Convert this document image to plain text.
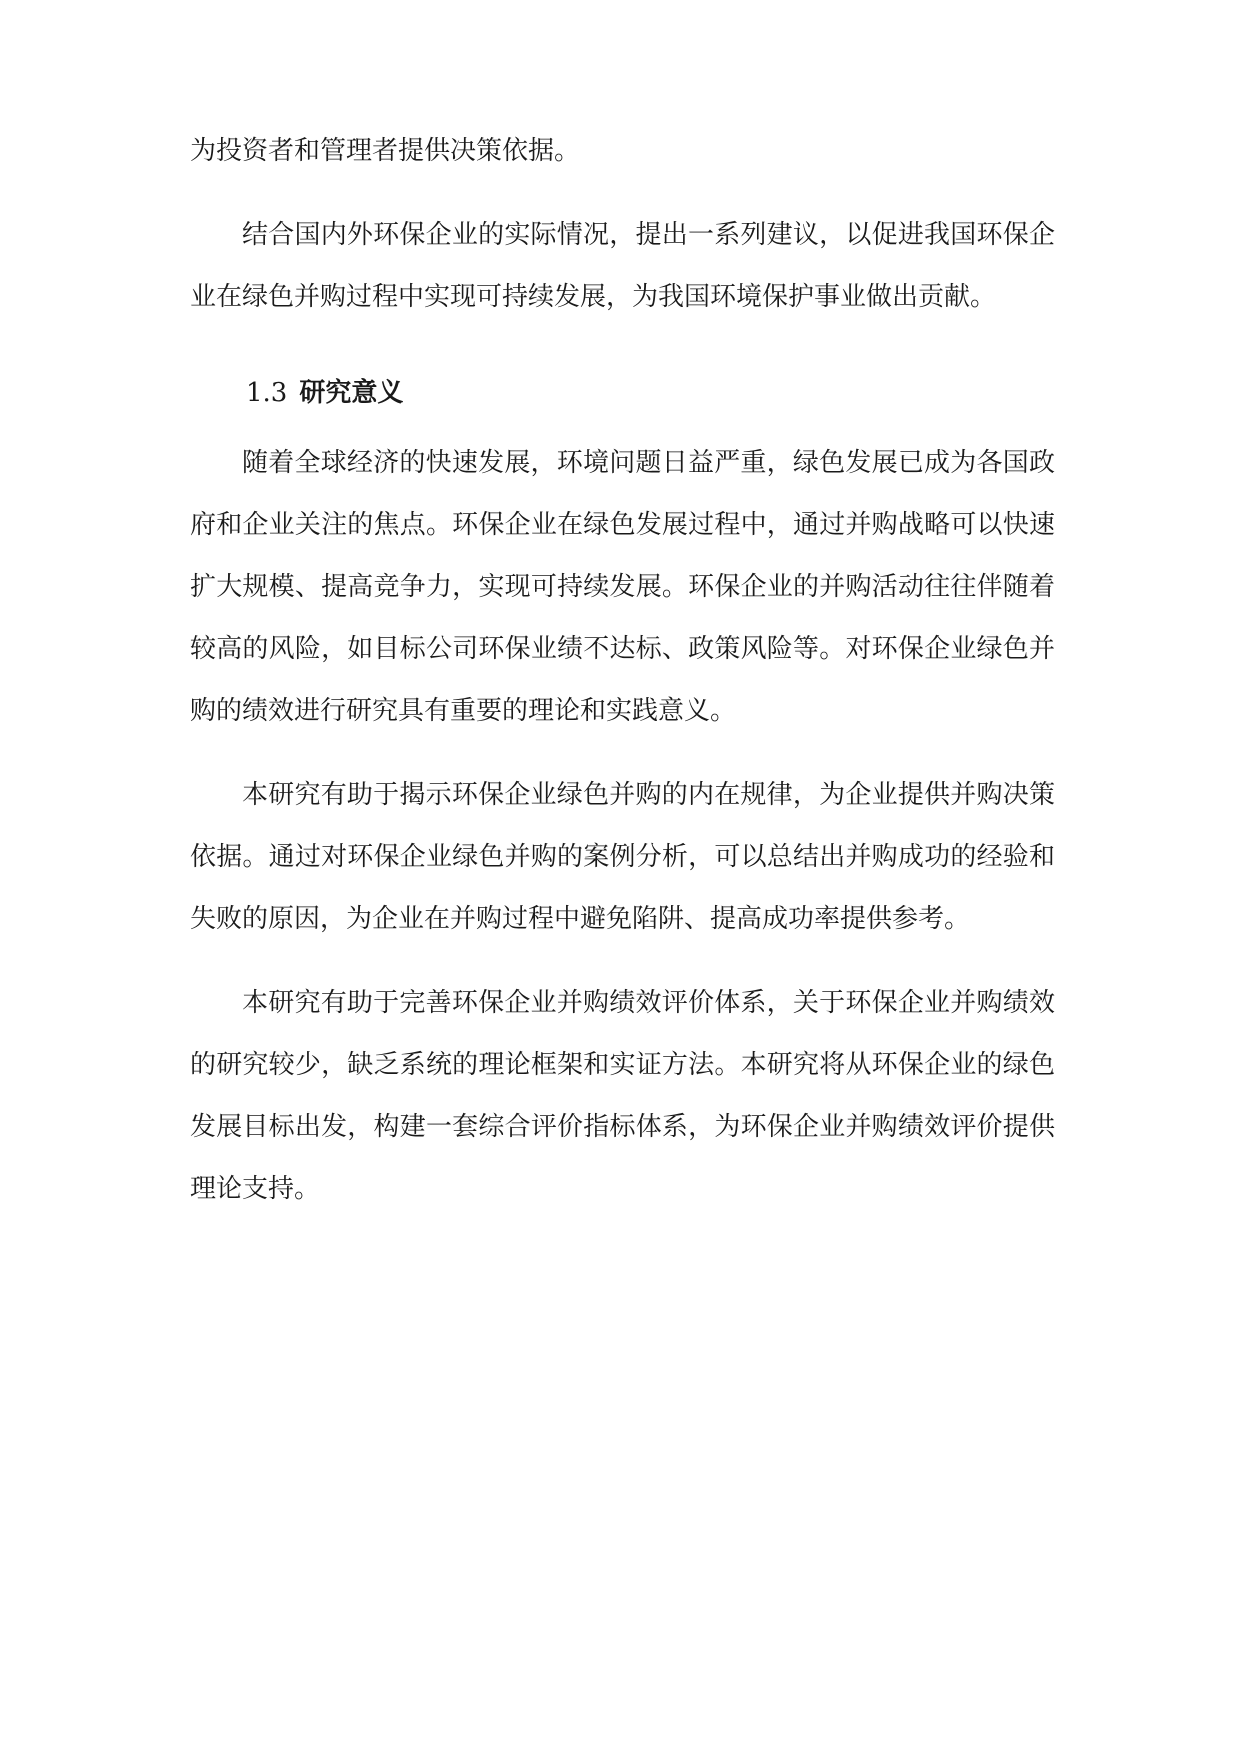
为投资者和管理者提供决策依据。

结合国内外环保企业的实际情况，提出一系列建议，以促进我国环保企业在绿色并购过程中实现可持续发展，为我国环境保护事业做出贡献。

1.3 研究意义

随着全球经济的快速发展，环境问题日益严重，绿色发展已成为各国政府和企业关注的焦点。环保企业在绿色发展过程中，通过并购战略可以快速扩大规模、提高竞争力，实现可持续发展。环保企业的并购活动往往伴随着较高的风险，如目标公司环保业绩不达标、政策风险等。对环保企业绿色并购的绩效进行研究具有重要的理论和实践意义。

本研究有助于揭示环保企业绿色并购的内在规律，为企业提供并购决策依据。通过对环保企业绿色并购的案例分析，可以总结出并购成功的经验和失败的原因，为企业在并购过程中避免陷阱、提高成功率提供参考。

本研究有助于完善环保企业并购绩效评价体系，关于环保企业并购绩效的研究较少，缺乏系统的理论框架和实证方法。本研究将从环保企业的绿色发展目标出发，构建一套综合评价指标体系，为环保企业并购绩效评价提供理论支持。
